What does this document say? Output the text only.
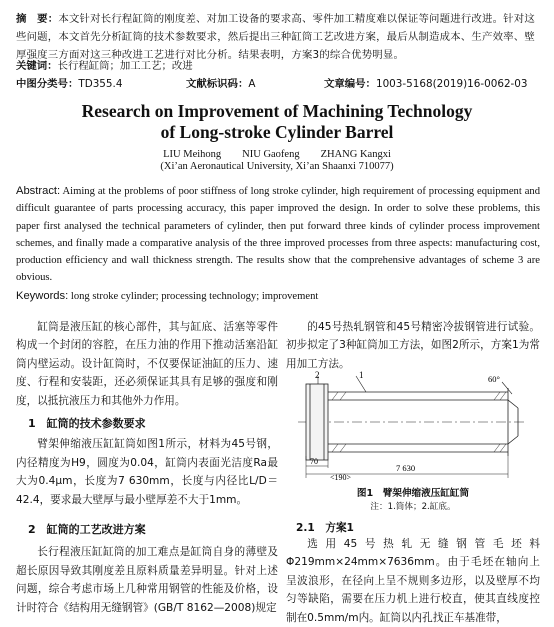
摘　要：本文针对长行程缸筒的刚度差、对加工设备的要求高、零件加工精度难以保证等问题进行改进。针对这些问题，本文首先分析缸筒的技术参数要求，然后提出三种缸筒工艺改进方案，最后从制造成本、生产效率、壁厚强度三方面对这三种改进工艺进行对比分析。结果表明，方案3的综合优势明显。
关键词：长行程缸筒；加工工艺；改进
中图分类号：TD355.4	文献标识码：A	文章编号：1003-5168(2019)16-0062-03
Research on Improvement of Machining Technology
of Long-stroke Cylinder Barrel
LIU Meihong　　NIU Gaofeng　　ZHANG Kangxi
(Xi’an Aeronautical University, Xi’an Shaanxi 710077)
Abstract: Aiming at the problems of poor stiffness of long stroke cylinder, high requirement of processing equipment and difficult guarantee of parts processing accuracy, this paper improved the design. In order to solve these problems, this paper first analysed the technical parameters of cylinder, then put forward three kinds of cylinder process improvement schemes, and finally made a comparative analysis of the three improved processes from three aspects: manufacturing cost, production efficiency and wall thickness strength. The results show that the comprehensive advantages of scheme 3 are obvious.
Keywords: long stroke cylinder; processing technology; improvement

缸筒是液压缸的核心部件，其与缸底、活塞等零件构成一个封闭的容腔，在压力油的作用下推动活塞沿缸筒内壁运动。设计缸筒时，不仅要保证油缸的压力、速度、行程和安装距，还必须保证其具有足够的强度和刚度，以抵抗液压力和其他外力作用。

1　缸筒的技术参数要求

臂架伸缩液压缸缸筒如图1所示，材料为45号钢，内径精度为H9，圆度为0.04，缸筒内表面光洁度Ra最大为0.4μm，长度为7 630mm，长度与内径比L/D＝42.4，要求最大壁厚与最小壁厚差不大于1mm。

2　缸筒的工艺改进方案

长行程液压缸缸筒的加工难点是缸筒自身的薄壁及超长原因导致其刚度差且原料质量差异明显。针对上述问题，综合考虑市场上几种常用钢管的性能及价格，设计时符合《结构用无缝钢管》(GB/T 8162—2008)规定

的45号热轧钢管和45号精密冷拔钢管进行试验。初步拟定了3种缸筒加工方法，如图2所示，方案1为常用加工方法。

1
2	60°
7 630
70
<190>
图1　臂架伸缩液压缸缸筒
注：1.筒体；2.缸底。
2.1　方案1

选用45号热轧无缝钢管毛坯料Φ219mm×24mm×7636mm。由于毛坯在轴向上呈波浪形，在径向上呈不规则多边形，以及壁厚不均匀等缺陷，需要在压力机上进行校直，使其直线度控制在0.5mm/m内。缸筒以内孔找正车基准带，
